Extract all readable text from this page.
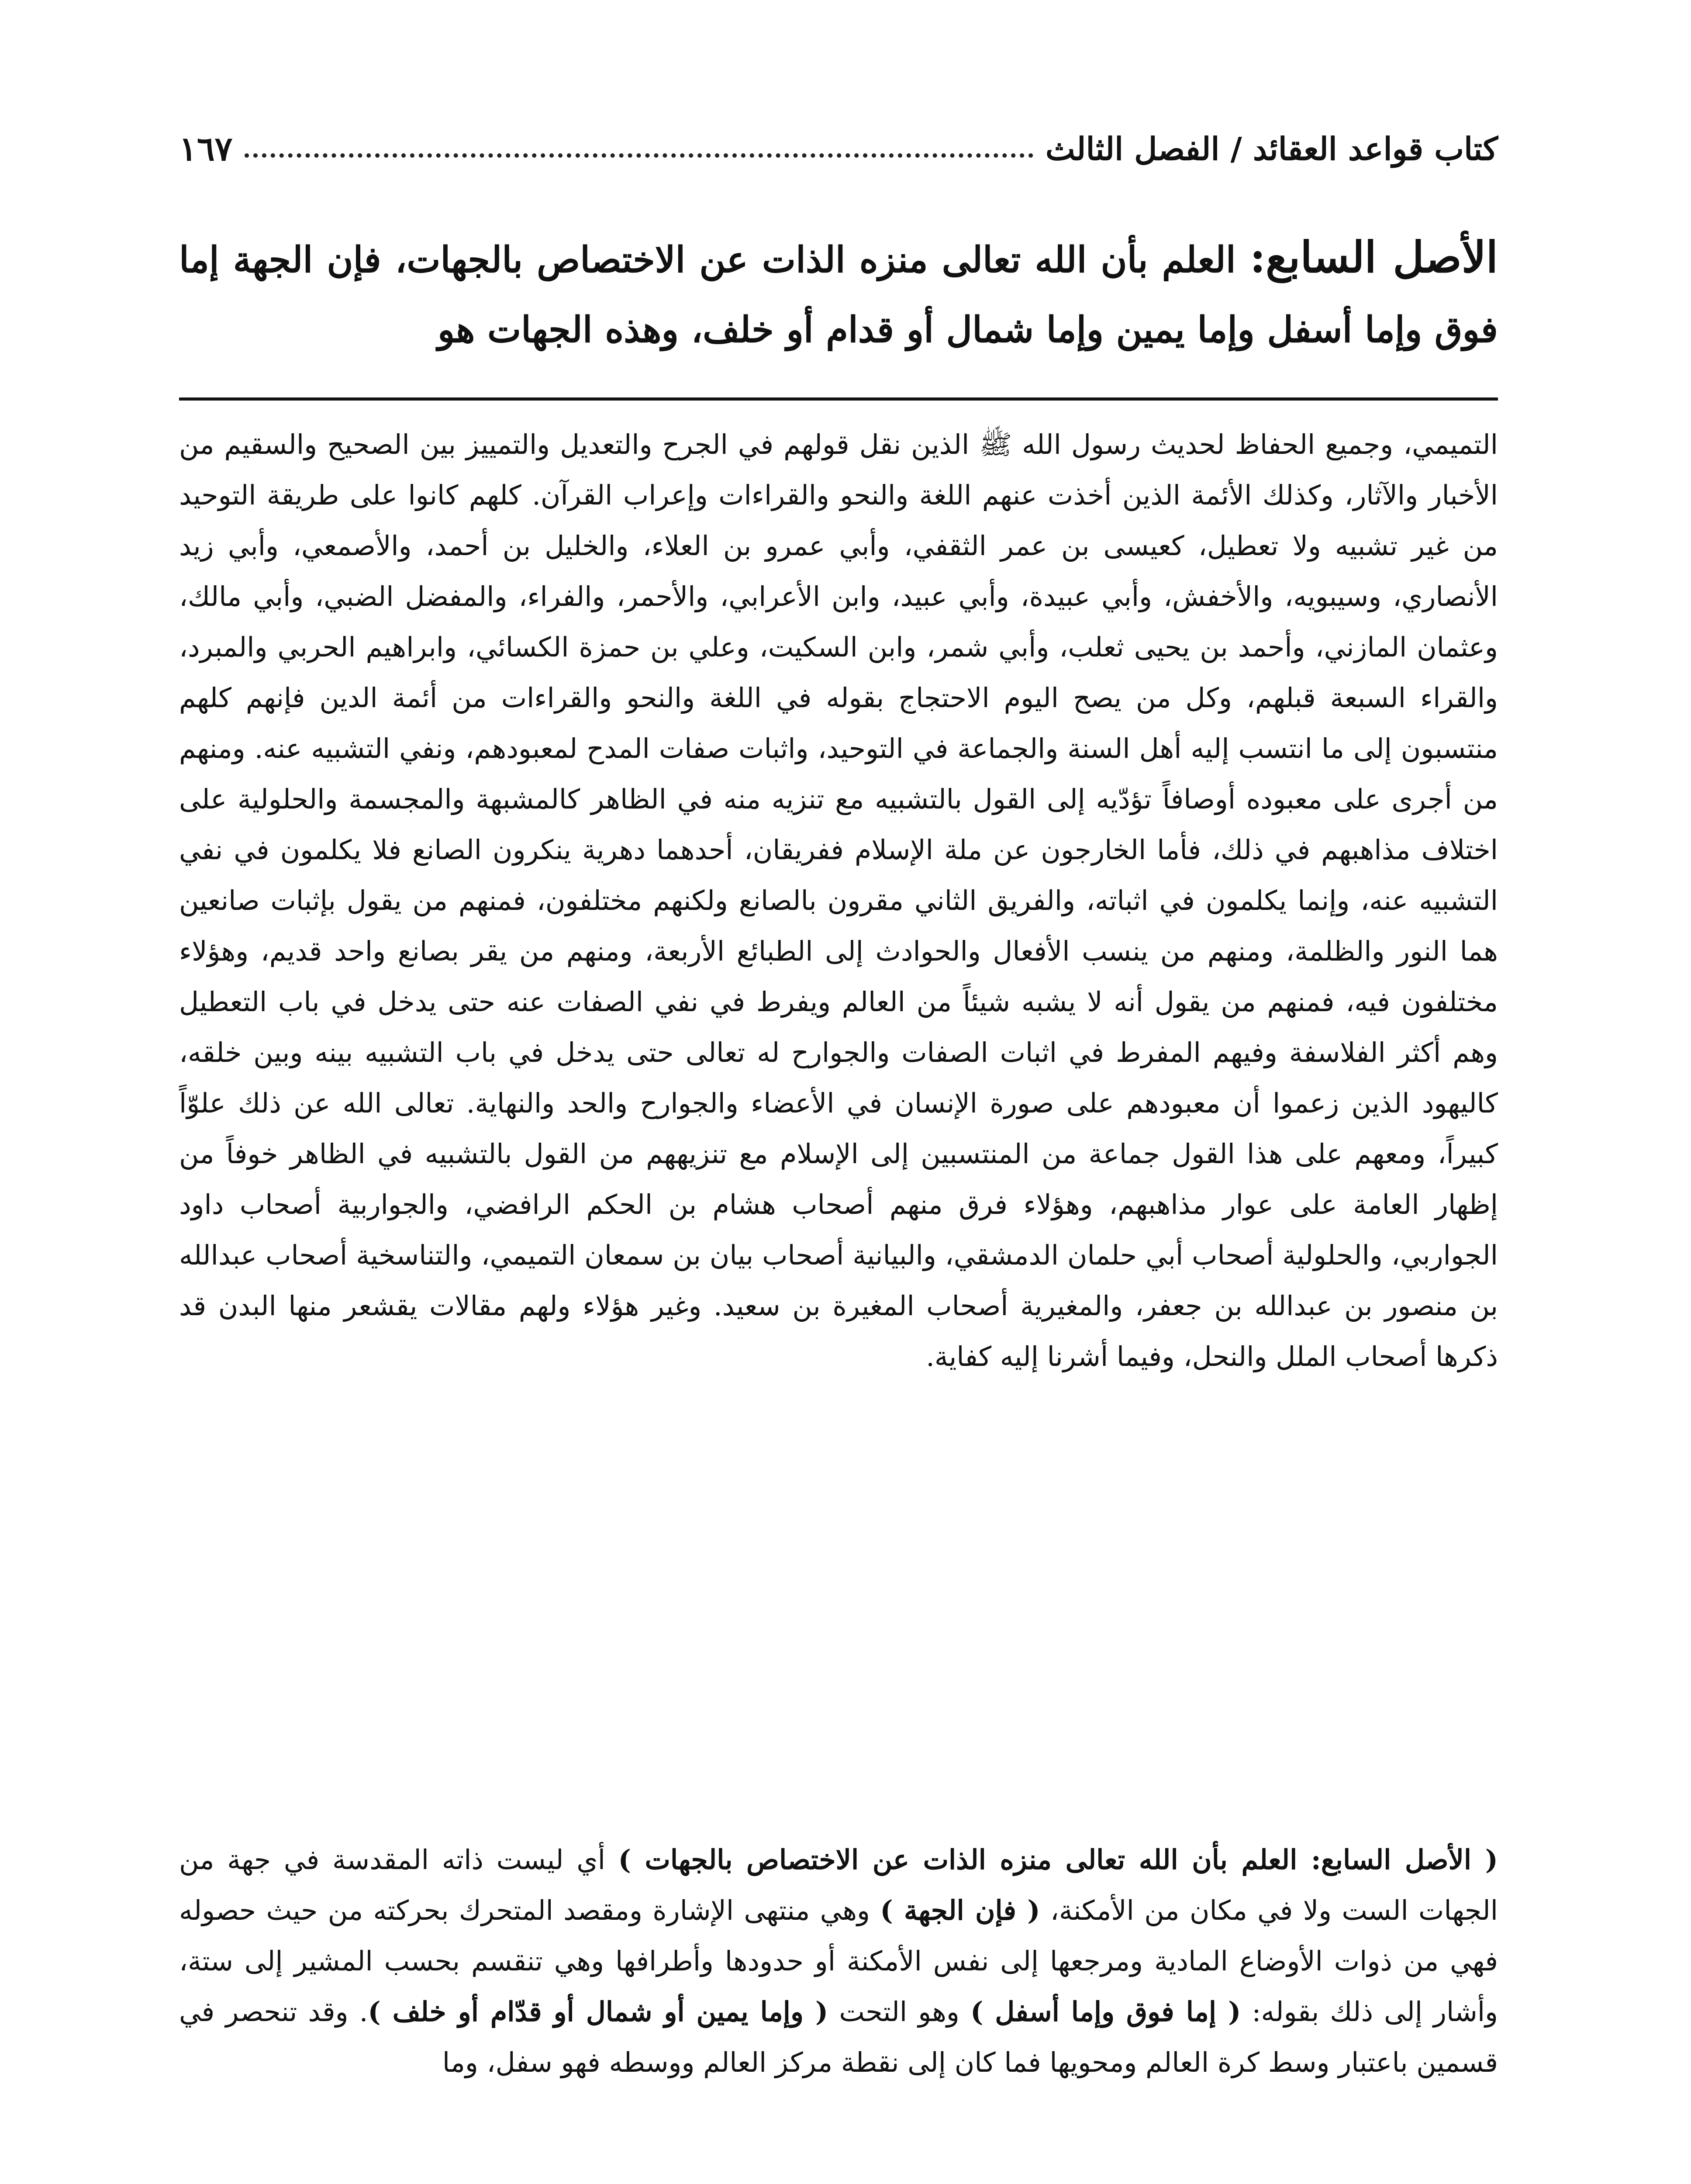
كتاب قواعد العقائد / الفصل الثالث
١٦٧
الأصل السابع: العلم بأن الله تعالى منزه الذات عن الاختصاص بالجهات، فإن الجهة إما فوق وإما أسفل وإما يمين وإما شمال أو قدام أو خلف، وهذه الجهات هو
التميمي، وجميع الحفاظ لحديث رسول الله ﷺ الذين نقل قولهم في الجرح والتعديل والتمييز بين الصحيح والسقيم من الأخبار والآثار، وكذلك الأئمة الذين أخذت عنهم اللغة والنحو والقراءات وإعراب القرآن. كلهم كانوا على طريقة التوحيد من غير تشبيه ولا تعطيل، كعيسى بن عمر الثقفي، وأبي عمرو بن العلاء، والخليل بن أحمد، والأصمعي، وأبي زيد الأنصاري، وسيبويه، والأخفش، وأبي عبيدة، وأبي عبيد، وابن الأعرابي، والأحمر، والفراء، والمفضل الضبي، وأبي مالك، وعثمان المازني، وأحمد بن يحيى ثعلب، وأبي شمر، وابن السكيت، وعلي بن حمزة الكسائي، وابراهيم الحربي والمبرد، والقراء السبعة قبلهم، وكل من يصح اليوم الاحتجاج بقوله في اللغة والنحو والقراءات من أئمة الدين فإنهم كلهم منتسبون إلى ما انتسب إليه أهل السنة والجماعة في التوحيد، واثبات صفات المدح لمعبودهم، ونفي التشبيه عنه. ومنهم من أجرى على معبوده أوصافاً تؤدّيه إلى القول بالتشبيه مع تنزيه منه في الظاهر كالمشبهة والمجسمة والحلولية على اختلاف مذاهبهم في ذلك، فأما الخارجون عن ملة الإسلام ففريقان، أحدهما دهرية ينكرون الصانع فلا يكلمون في نفي التشبيه عنه، وإنما يكلمون في اثباته، والفريق الثاني مقرون بالصانع ولكنهم مختلفون، فمنهم من يقول بإثبات صانعين هما النور والظلمة، ومنهم من ينسب الأفعال والحوادث إلى الطبائع الأربعة، ومنهم من يقر بصانع واحد قديم، وهؤلاء مختلفون فيه، فمنهم من يقول أنه لا يشبه شيئاً من العالم ويفرط في نفي الصفات عنه حتى يدخل في باب التعطيل وهم أكثر الفلاسفة وفيهم المفرط في اثبات الصفات والجوارح له تعالى حتى يدخل في باب التشبيه بينه وبين خلقه، كاليهود الذين زعموا أن معبودهم على صورة الإنسان في الأعضاء والجوارح والحد والنهاية. تعالى الله عن ذلك علوّاً كبيراً، ومعهم على هذا القول جماعة من المنتسبين إلى الإسلام مع تنزيههم من القول بالتشبيه في الظاهر خوفاً من إظهار العامة على عوار مذاهبهم، وهؤلاء فرق منهم أصحاب هشام بن الحكم الرافضي، والجواربية أصحاب داود الجواربي، والحلولية أصحاب أبي حلمان الدمشقي، والبيانية أصحاب بيان بن سمعان التميمي، والتناسخية أصحاب عبدالله بن منصور بن عبدالله بن جعفر، والمغيرية أصحاب المغيرة بن سعيد. وغير هؤلاء ولهم مقالات يقشعر منها البدن قد ذكرها أصحاب الملل والنحل، وفيما أشرنا إليه كفاية.
( الأصل السابع: العلم بأن الله تعالى منزه الذات عن الاختصاص بالجهات ) أي ليست ذاته المقدسة في جهة من الجهات الست ولا في مكان من الأمكنة، ( فإن الجهة ) وهي منتهى الإشارة ومقصد المتحرك بحركته من حيث حصوله فهي من ذوات الأوضاع المادية ومرجعها إلى نفس الأمكنة أو حدودها وأطرافها وهي تنقسم بحسب المشير إلى ستة، وأشار إلى ذلك بقوله: ( إما فوق وإما أسفل ) وهو التحت ( وإما يمين أو شمال أو قدّام أو خلف ). وقد تنحصر في قسمين باعتبار وسط كرة العالم ومحويها فما كان إلى نقطة مركز العالم ووسطه فهو سفل، وما
